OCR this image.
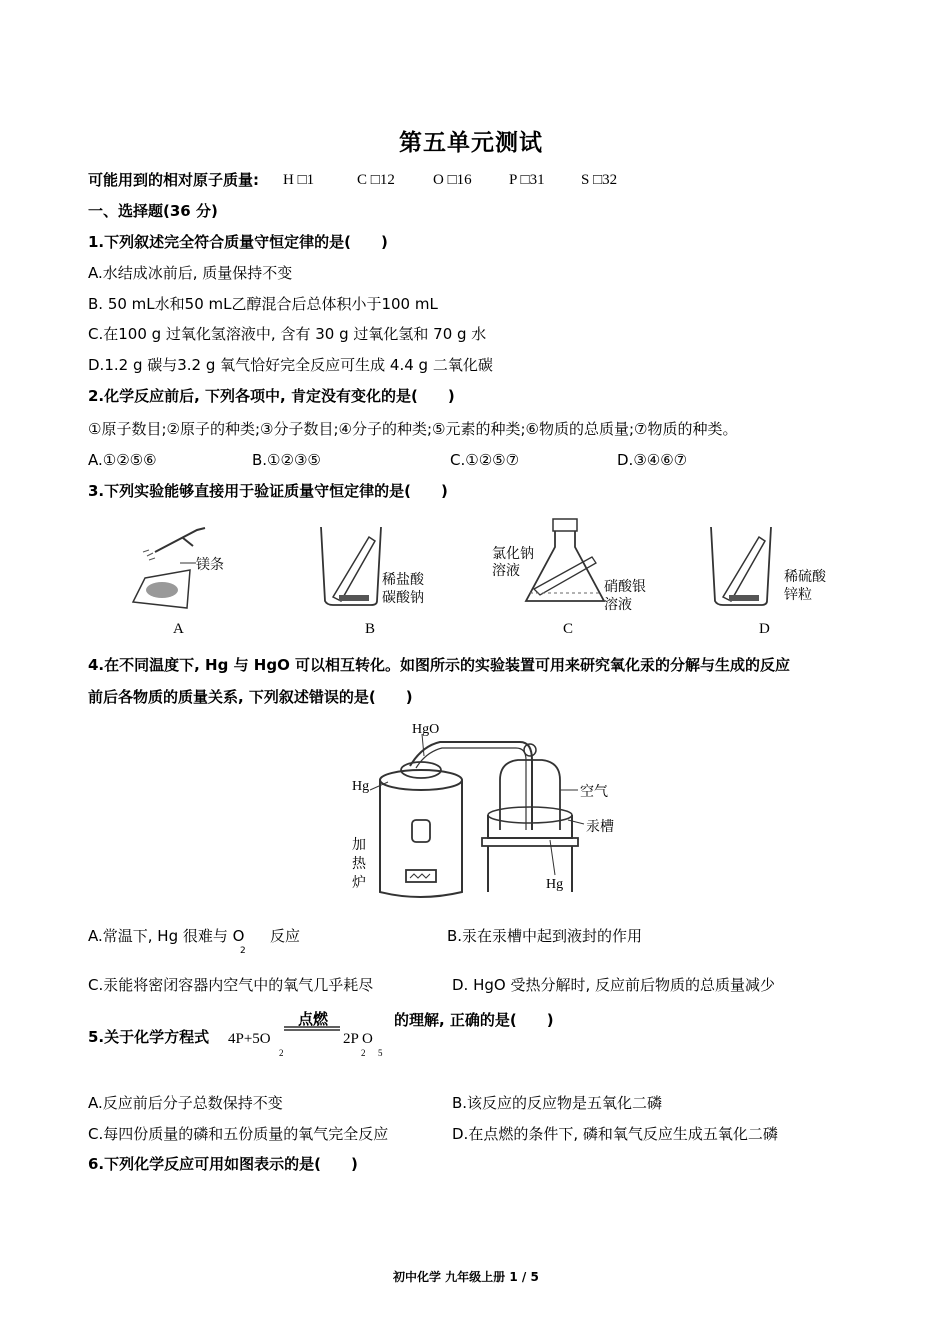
第五单元测试
可能用到的相对原子质量: H □1	C □12	O □16 P □31 S □32
一、选择题(36 分)
1.下列叙述完全符合质量守恒定律的是(　　)
A.水结成冰前后, 质量保持不变
B. 50 mL水和50 mL乙醇混合后总体积小于100 mL
C.在100 g 过氧化氢溶液中, 含有 30 g 过氧化氢和 70 g 水
D.1.2 g 碳与3.2 g 氧气恰好完全反应可生成 4.4 g 二氧化碳
2.化学反应前后, 下列各项中, 肯定没有变化的是(　　)
①原子数目;②原子的种类;③分子数目;④分子的种类;⑤元素的种类;⑥物质的总质量;⑦物质的种类。
A.①②⑤⑥	B.①②③⑤	C.①②⑤⑦	D.③④⑥⑦
3.下列实验能够直接用于验证质量守恒定律的是(　　)
镁条
稀盐酸
碳酸钠
氯化钠
溶液
硝酸银
溶液
稀硫酸
锌粒
A	B	C	D
4.在不同温度下, Hg 与 HgO 可以相互转化。如图所示的实验装置可用来研究氧化汞的分解与生成的反应
前后各物质的质量关系, 下列叙述错误的是(　　)
HgO
Hg
加
热
炉
空气
汞槽
Hg
A.常温下, Hg 很难与 O
2
反应	B.汞在汞槽中起到液封的作用
C.汞能将密闭容器内空气中的氧气几乎耗尽	D. HgO 受热分解时, 反应前后物质的总质量减少
5.关于化学方程式 4P+5O
2
点燃
2P O
2 5
的理解, 正确的是(　　)
A.反应前后分子总数保持不变	B.该反应的反应物是五氧化二磷
C.每四份质量的磷和五份质量的氧气完全反应	D.在点燃的条件下, 磷和氧气反应生成五氧化二磷
6.下列化学反应可用如图表示的是(　　)
初中化学 九年级上册 1 / 5
